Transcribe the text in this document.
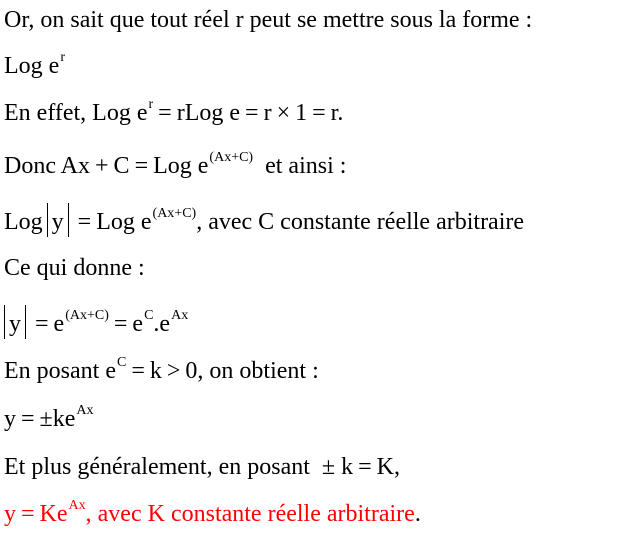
Or, on sait que tout réel r peut se mettre sous la forme :
Log $e^r$
En effet, Log $e^r$ = rLog e = r × 1 = r.
Donc Ax + C = Log $e^{(Ax+C)}$ et ainsi :
Log y = Log $e^{(Ax+C)}$, avec C constante réelle arbitraire
Ce qui donne :
$y = e^{(Ax+C)} = e^C.e^{Ax}$
En posant $e^C = k > 0$, on obtient :
$y = \pm ke^{Ax}$
Et plus généralement, en posant ± k = K,
$y = Ke^{Ax}$, avec K constante réelle arbitraire.
